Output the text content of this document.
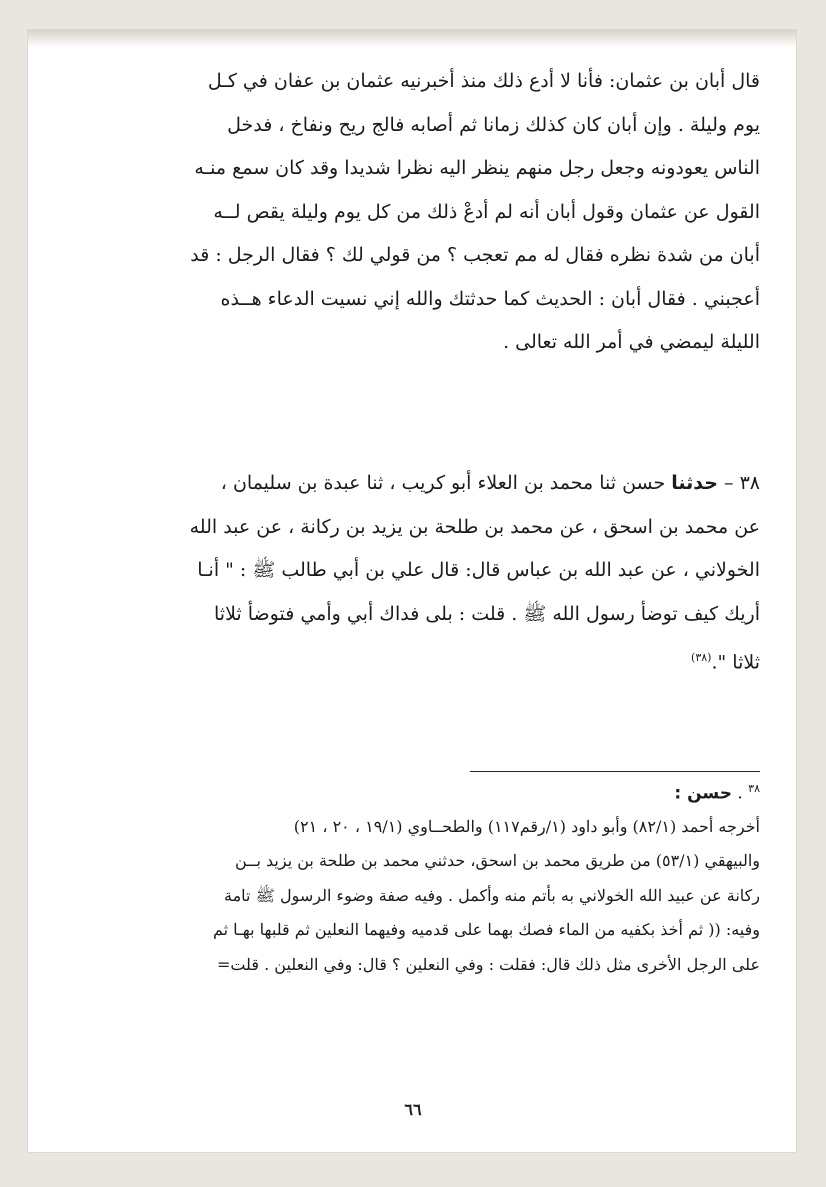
قال أبان بن عثمان: فأنا لا أدع ذلك منذ أخبرنيه عثمان بن عفان في كـل
يوم وليلة . وإن أبان كان كذلك زمانا ثم أصابه فالج ريح ونفاخ ، فدخل
الناس يعودونه وجعل رجل منهم ينظر اليه نظرا شديدا وقد كان سمع منـه
القول عن عثمان وقول أبان أنه لم أدعْ ذلك من كل يوم وليلة يقص لــه
أبان من شدة نظره فقال له مم تعجب ؟ من قولي لك ؟ فقال الرجل : قد
أعجبني . فقال أبان : الحديث كما حدثتك والله إني نسيت الدعاء هــذه
الليلة ليمضي في أمر الله تعالى .
٣٨ – حدثنا حسن ثنا محمد بن العلاء أبو كريب ، ثنا عبدة بن سليمان ،
عن محمد بن اسحق ، عن محمد بن طلحة بن يزيد بن ركانة ، عن عبد الله
الخولاني ، عن عبد الله بن عباس قال: قال علي بن أبي طالب ﷺ : " أنـا
أريك كيف توضأ رسول الله ﷺ . قلت : بلى فداك أبي وأمي فتوضأ ثلاثا
ثلاثا ".$^{(٣٨)}$
$^{٣٨}$ . حسن :
أخرجه أحمد (٨٢/١) وأبو داود (١/رقم١١٧) والطحــاوي (١٩/١ ، ٢٠ ، ٢١)
والبيهقي (٥٣/١) من طريق محمد بن اسحق، حدثني محمد بن طلحة بن يزيد بــن
ركانة عن عبيد الله الخولاني به بأتم منه وأكمل . وفيه صفة وضوء الرسول ﷺ تامة
وفيه: (( ثم أخذ بكفيه من الماء فصك بهما على قدميه وفيهما النعلين ثم قلبها بهـا ثم
على الرجل الأخرى مثل ذلك قال: فقلت : وفي النعلين ؟ قال: وفي النعلين . قلت=
٦٦
